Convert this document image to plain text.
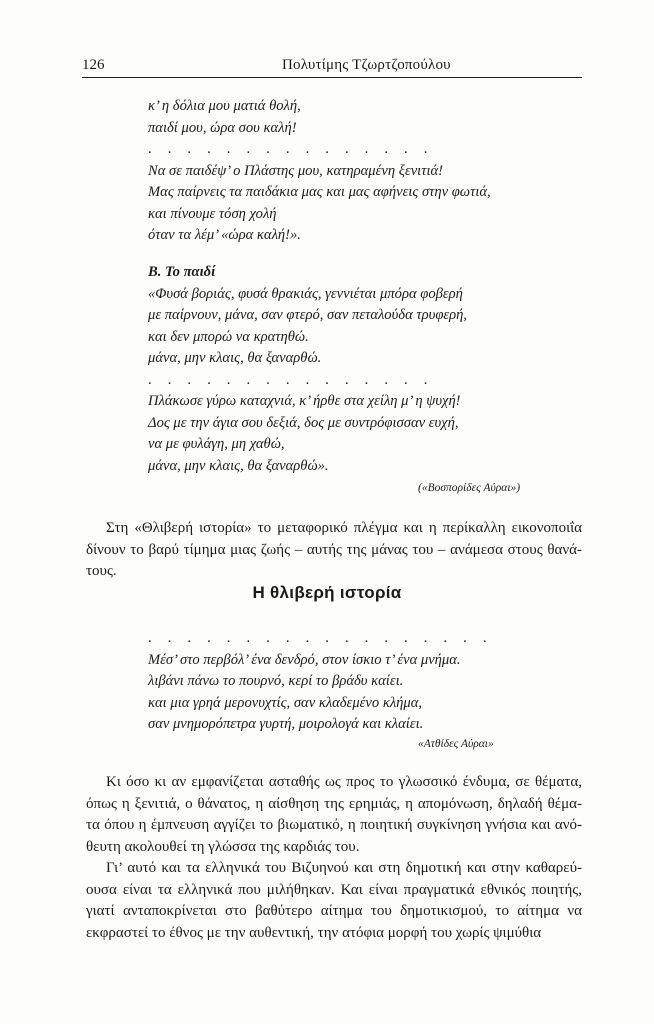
126	Πολυτίμης Τζωρτζοπούλου
κ’ η δόλια μου ματιά θολή,
παιδί μου, ώρα σου καλή!
. . . . . . . . . . . . . . .
Να σε παιδέψ’ ο Πλάστης μου, κατηραμένη ξενιτιά!
Μας παίρνεις τα παιδάκια μας και μας αφήνεις στην φωτιά,
και πίνουμε τόση χολή
όταν τα λέμ’ «ώρα καλή!».
Β. Το παιδί
«Φυσά βοριάς, φυσά θρακιάς, γεννιέται μπόρα φοβερή
με παίρνουν, μάνα, σαν φτερό, σαν πεταλούδα τρυφερή,
και δεν μπορώ να κρατηθώ.
μάνα, μην κλαις, θα ξαναρθώ.
. . . . . . . . . . . . . . .
Πλάκωσε γύρω καταχνιά, κ’ ήρθε στα χείλη μ’ η ψυχή!
Δος με την άγια σου δεξιά, δος με συντρόφισσαν ευχή,
να με φυλάγη, μη χαθώ,
μάνα, μην κλαις, θα ξαναρθώ».
(«Βοσπορίδες Αύραι»)
Στη «Θλιβερή ιστορία» το μεταφορικό πλέγμα και η περίκαλλη εικονοποιΐα
δίνουν το βαρύ τίμημα μιας ζωής – αυτής της μάνας του – ανάμεσα στους θανά-
τους.
Η θλιβερή ιστορία
. . . . . . . . . . . . . . . . . .
Μέσ’ στο περβόλ’ ένα δενδρό, στον ίσκιο τ’ ένα μνήμα.
λιβάνι πάνω το πουρνό, κερί το βράδυ καίει.
και μια γρηά μερονυχτίς, σαν κλαδεμένο κλήμα,
σαν μνημορόπετρα γυρτή, μοιρολογά και κλαίει.
«Ατθίδες Αύραι»
Κι όσο κι αν εμφανίζεται ασταθής ως προς το γλωσσικό ένδυμα, σε θέματα,
όπως η ξενιτιά, ο θάνατος, η αίσθηση της ερημιάς, η απομόνωση, δηλαδή θέμα-
τα όπου η έμπνευση αγγίζει το βιωματικό, η ποιητική συγκίνηση γνήσια και ανό-
θευτη ακολουθεί τη γλώσσα της καρδιάς του.
Γι’ αυτό και τα ελληνικά του Βιζυηνού και στη δημοτική και στην καθαρεύ-
ουσα είναι τα ελληνικά που μιλήθηκαν. Και είναι πραγματικά εθνικός ποιητής,
γιατί ανταποκρίνεται στο βαθύτερο αίτημα του δημοτικισμού, το αίτημα να
εκφραστεί το έθνος με την αυθεντική, την ατόφια μορφή του χωρίς ψιμύθια
